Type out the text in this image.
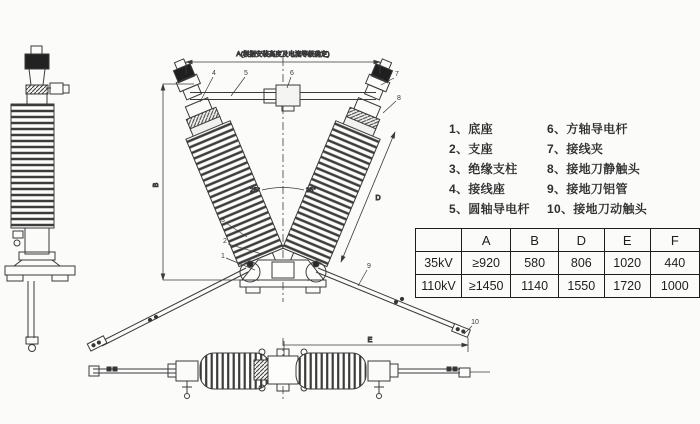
A(根据安装高度及电流等级确定)
B
D
25°	25°
4	5	6	7
8
3
2
1
9
10
E
1、底座
2、支座
3、绝缘支柱
4、接线座
5、圆轴导电杆
6、方轴导电杆
7、接线夹
8、接地刀静触头
9、接地刀铝管
10、接地刀动触头
	A	B	D	E	F
35kV	≥920	580	806	1020	440
110kV	≥1450	1140	1550	1720	1000
